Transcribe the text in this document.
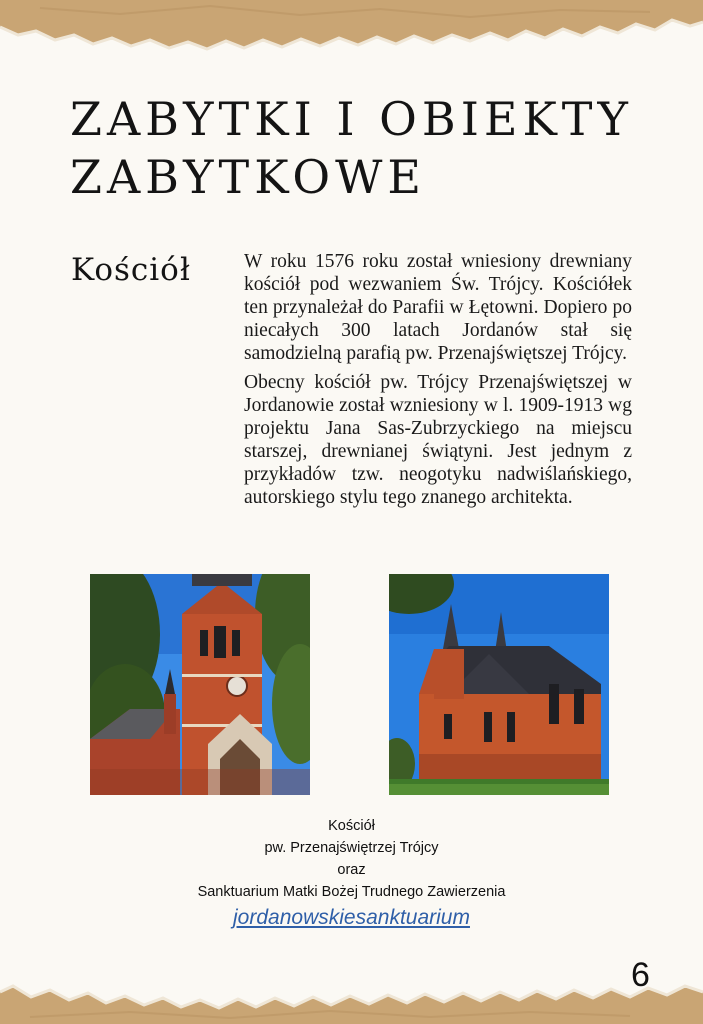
ZABYTKI I OBIEKTY
ZABYTKOWE
Kościół	W roku 1576 roku został wniesiony drewniany kościół pod wezwaniem Św. Trójcy. Kościółek ten przynależał do Parafii w Łętowni. Dopiero po niecałych 300 latach Jordanów stał się samodzielną parafią pw. Przenajświętszej Trójcy.

Obecny kościół pw. Trójcy Przenajświętszej w Jordanowie został wzniesiony w l. 1909-1913 wg projektu Jana Sas-Zubrzyckiego na miejscu starszej, drewnianej świątyni. Jest jednym z przykładów tzw. neogotyku nadwiślańskiego, autorskiego stylu tego znanego architekta.

Kościół
pw. Przenajświętrzej Trójcy
oraz
Sanktuarium Matki Bożej Trudnego Zawierzenia
jordanowskiesanktuarium
6
